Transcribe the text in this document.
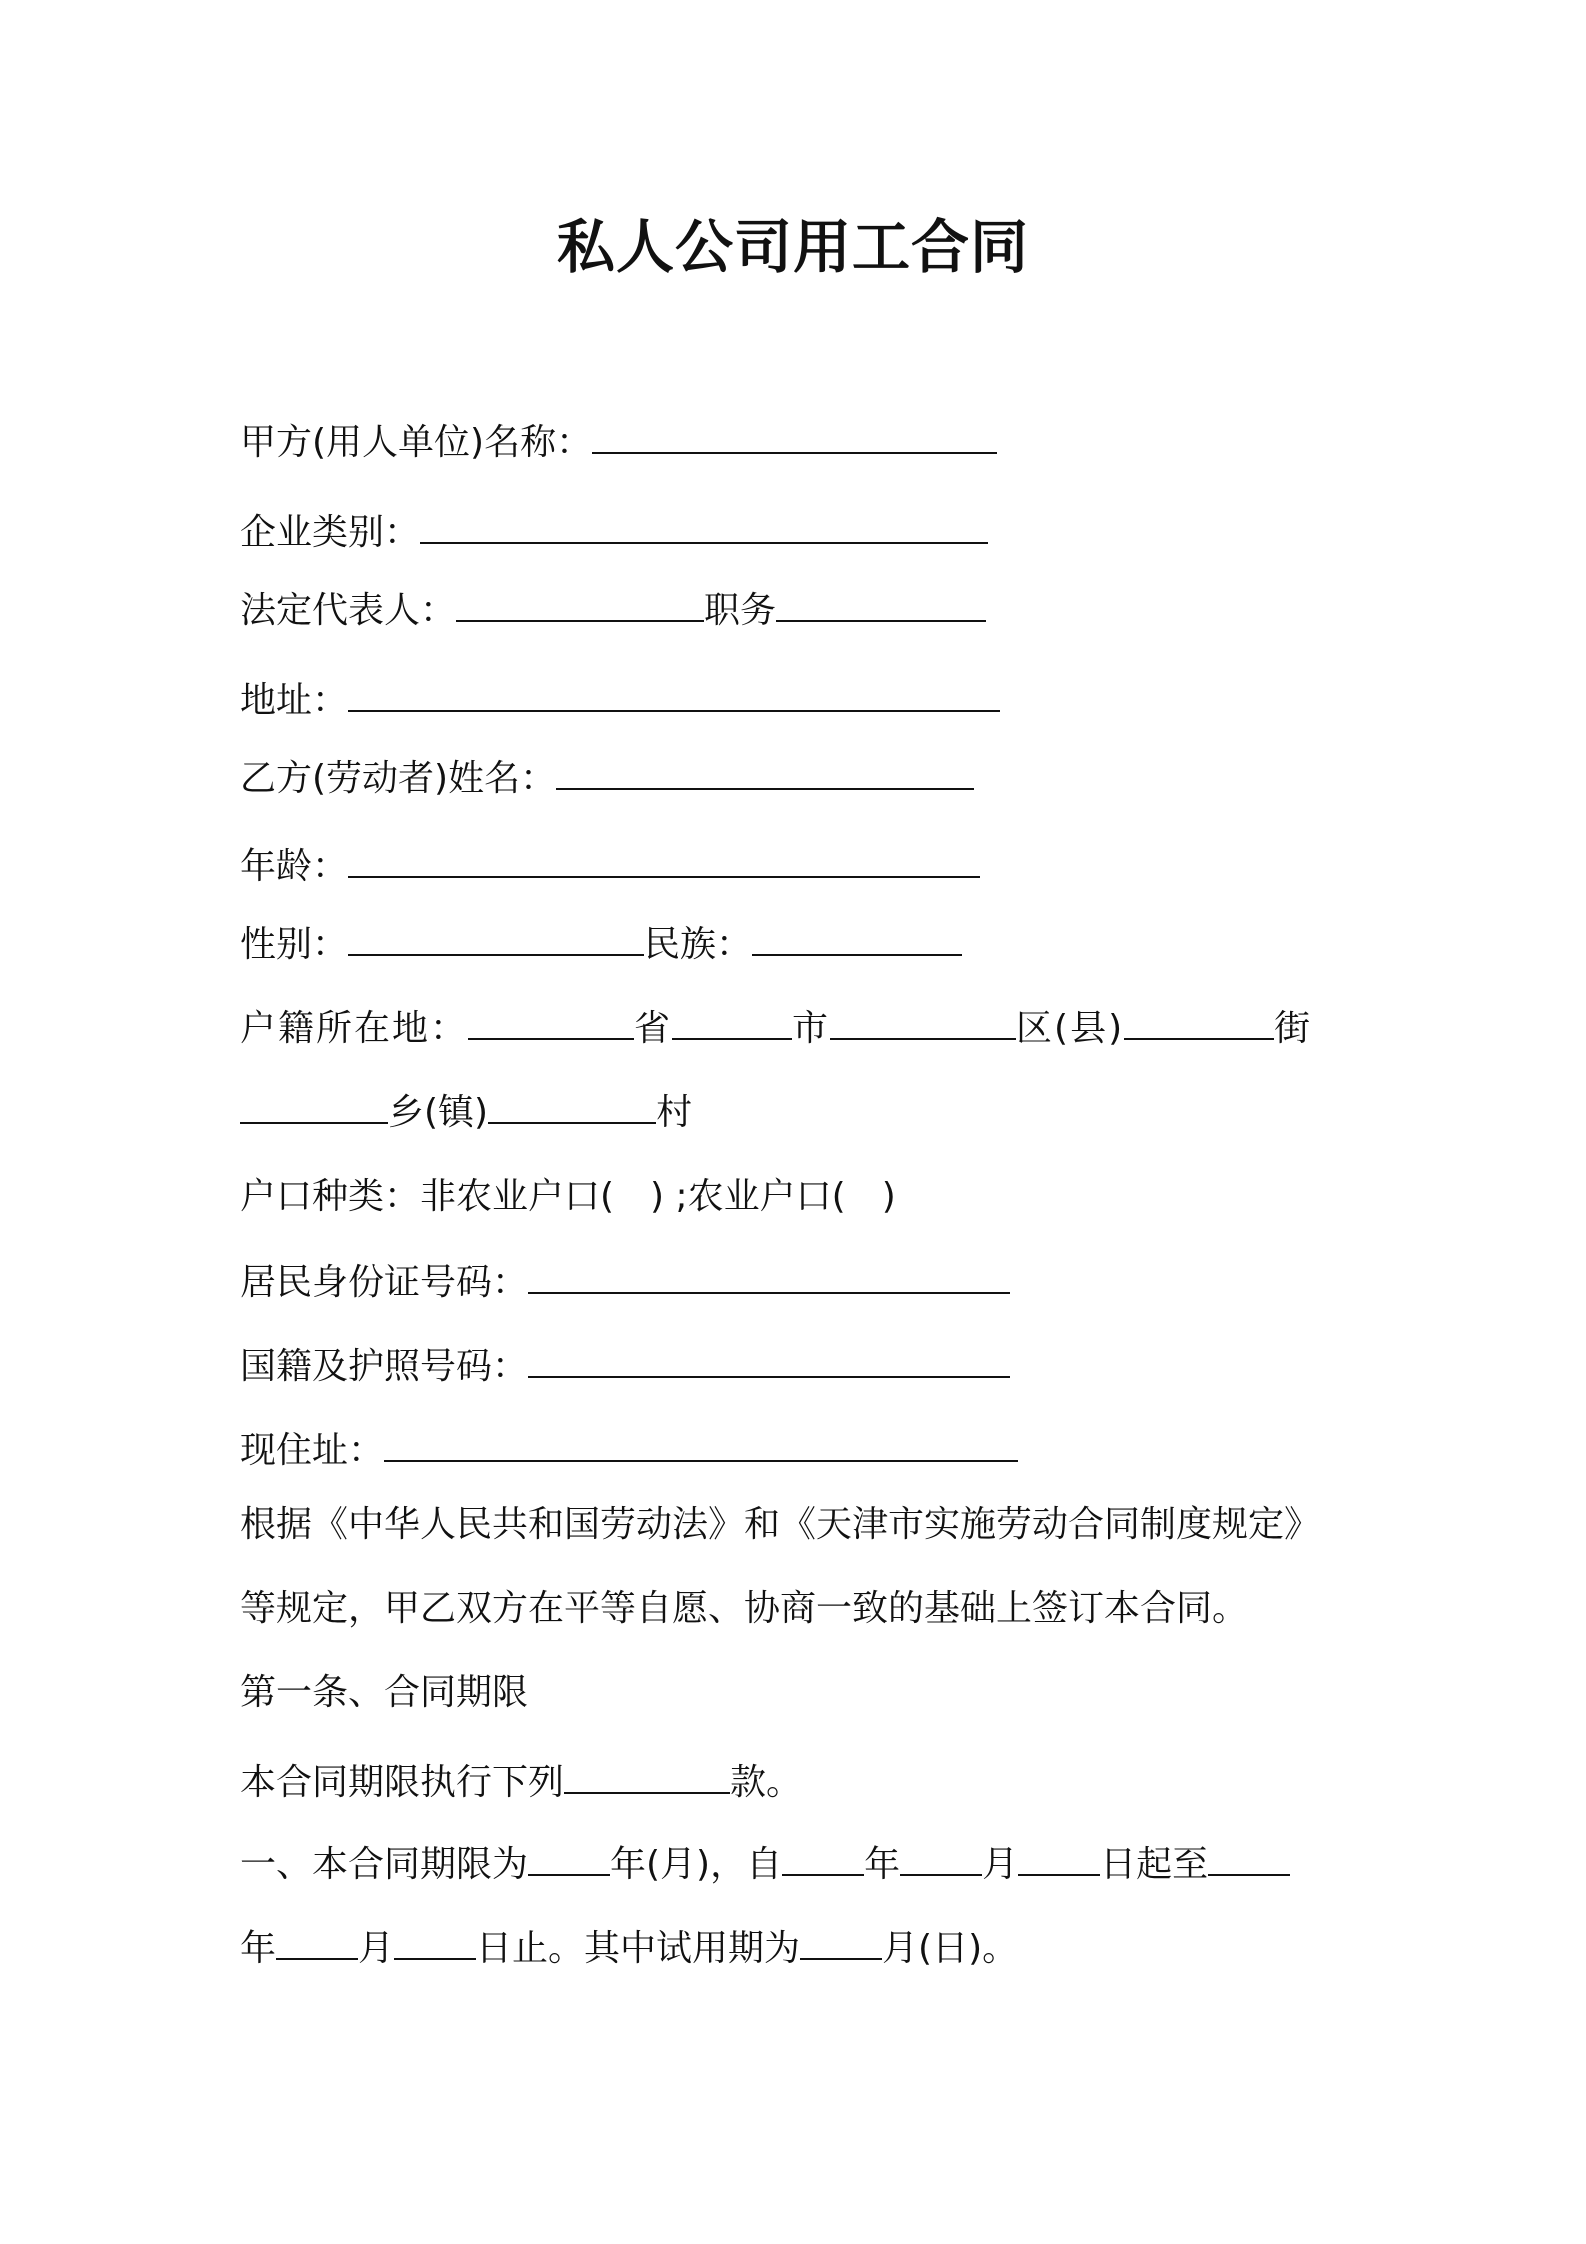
私人公司用工合同
甲方(用人单位)名称：
企业类别：
法定代表人：	职务
地址：
乙方(劳动者)姓名：
年龄：
性别：	民族：
户籍所在地：	省	市	区(县)	街
乡(镇)	村
户口种类：非农业户口(　) ;农业户口(　)
居民身份证号码：
国籍及护照号码：
现住址：
根据《中华人民共和国劳动法》和《天津市实施劳动合同制度规定》
等规定，甲乙双方在平等自愿、协商一致的基础上签订本合同。
第一条、合同期限
本合同期限执行下列	款。
一、本合同期限为 年(月)，自 年 月 日起至
年 月 日止。其中试用期为 月(日)。
